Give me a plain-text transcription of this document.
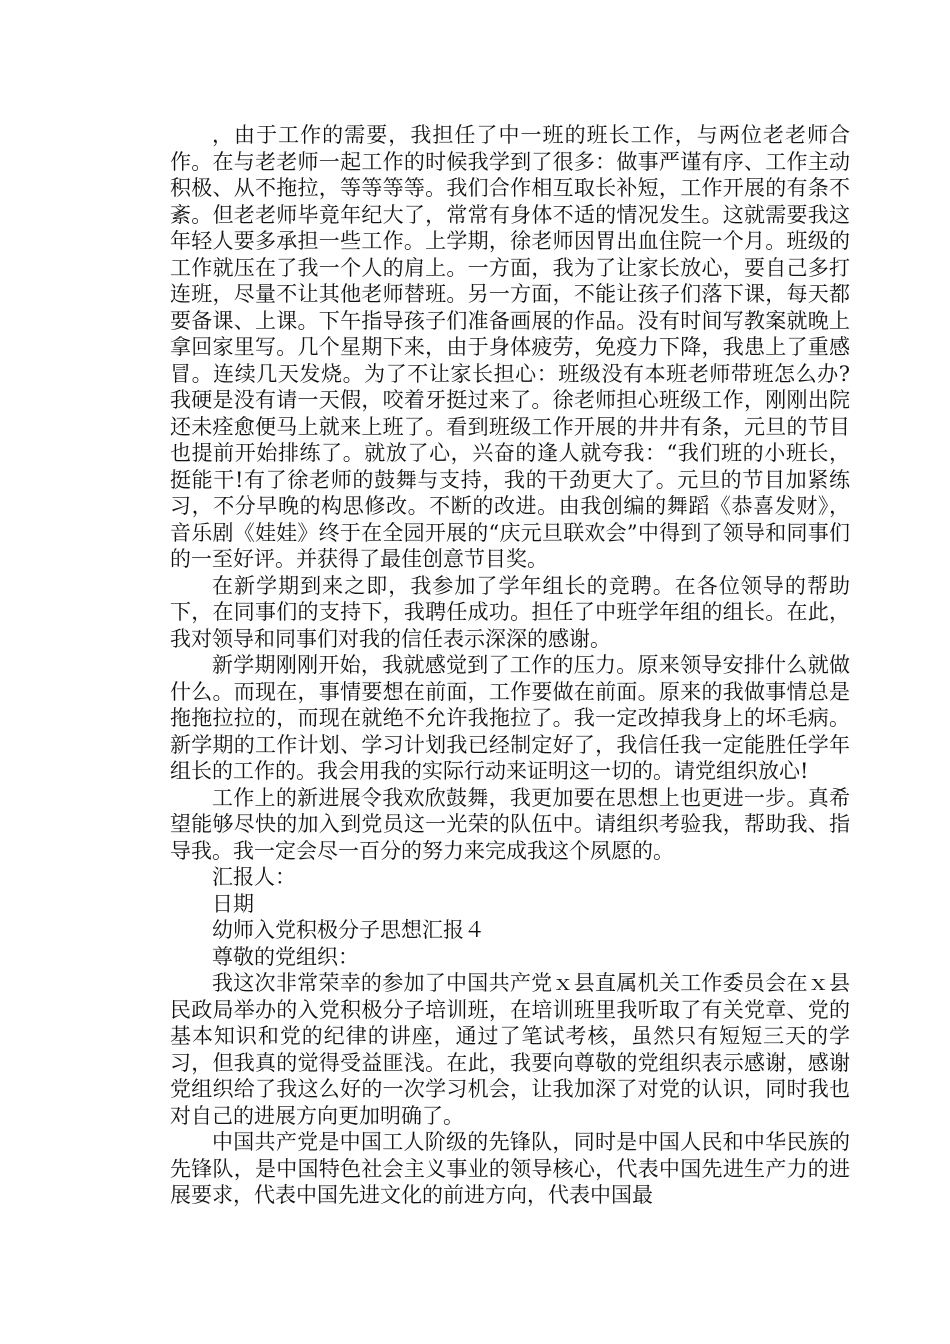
，由于工作的需要，我担任了中一班的班长工作，与两位老老师合作。在与老老师一起工作的时候我学到了很多：做事严谨有序、工作主动积极、从不拖拉，等等等等。我们合作相互取长补短，工作开展的有条不紊。但老老师毕竟年纪大了，常常有身体不适的情况发生。这就需要我这年轻人要多承担一些工作。上学期，徐老师因胃出血住院一个月。班级的工作就压在了我一个人的肩上。一方面，我为了让家长放心，要自己多打连班，尽量不让其他老师替班。另一方面，不能让孩子们落下课，每天都要备课、上课。下午指导孩子们准备画展的作品。没有时间写教案就晚上拿回家里写。几个星期下来，由于身体疲劳，免疫力下降，我患上了重感冒。连续几天发烧。为了不让家长担心：班级没有本班老师带班怎么办?我硬是没有请一天假，咬着牙挺过来了。徐老师担心班级工作，刚刚出院还未痊愈便马上就来上班了。看到班级工作开展的井井有条，元旦的节目也提前开始排练了。就放了心，兴奋的逢人就夸我：“我们班的小班长，挺能干!有了徐老师的鼓舞与支持，我的干劲更大了。元旦的节目加紧练习，不分早晚的构思修改。不断的改进。由我创编的舞蹈《恭喜发财》，音乐剧《娃娃》终于在全园开展的“庆元旦联欢会”中得到了领导和同事们的一至好评。并获得了最佳创意节目奖。

在新学期到来之即，我参加了学年组长的竞聘。在各位领导的帮助下，在同事们的支持下，我聘任成功。担任了中班学年组的组长。在此，我对领导和同事们对我的信任表示深深的感谢。

新学期刚刚开始，我就感觉到了工作的压力。原来领导安排什么就做什么。而现在，事情要想在前面，工作要做在前面。原来的我做事情总是拖拖拉拉的，而现在就绝不允许我拖拉了。我一定改掉我身上的坏毛病。新学期的工作计划、学习计划我已经制定好了，我信任我一定能胜任学年组长的工作的。我会用我的实际行动来证明这一切的。请党组织放心!

工作上的新进展令我欢欣鼓舞，我更加要在思想上也更进一步。真希望能够尽快的加入到党员这一光荣的队伍中。请组织考验我，帮助我、指导我。我一定会尽一百分的努力来完成我这个夙愿的。

汇报人：

日期

幼师入党积极分子思想汇报４

尊敬的党组织：

我这次非常荣幸的参加了中国共产党ｘ县直属机关工作委员会在ｘ县民政局举办的入党积极分子培训班，在培训班里我听取了有关党章、党的基本知识和党的纪律的讲座，通过了笔试考核，虽然只有短短三天的学习，但我真的觉得受益匪浅。在此，我要向尊敬的党组织表示感谢，感谢党组织给了我这么好的一次学习机会，让我加深了对党的认识，同时我也对自己的进展方向更加明确了。

中国共产党是中国工人阶级的先锋队，同时是中国人民和中华民族的先锋队，是中国特色社会主义事业的领导核心，代表中国先进生产力的进展要求，代表中国先进文化的前进方向，代表中国最
